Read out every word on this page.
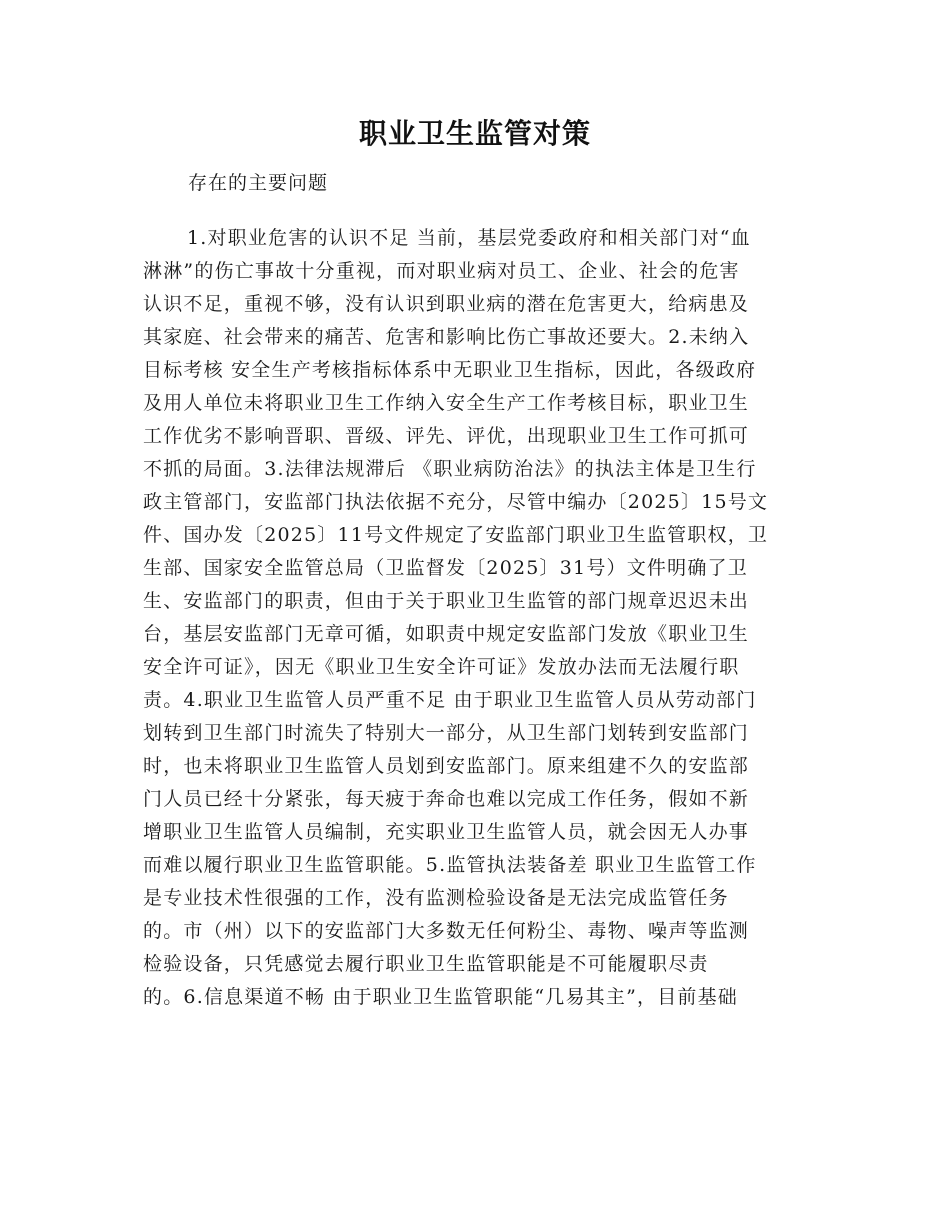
职业卫生监管对策
存在的主要问题
1.对职业危害的认识不足 当前，基层党委政府和相关部门对“血
淋淋”的伤亡事故十分重视，而对职业病对员工、企业、社会的危害
认识不足，重视不够，没有认识到职业病的潜在危害更大，给病患及
其家庭、社会带来的痛苦、危害和影响比伤亡事故还要大。2.未纳入
目标考核 安全生产考核指标体系中无职业卫生指标，因此，各级政府
及用人单位未将职业卫生工作纳入安全生产工作考核目标，职业卫生
工作优劣不影响晋职、晋级、评先、评优，出现职业卫生工作可抓可
不抓的局面。3.法律法规滞后 《职业病防治法》的执法主体是卫生行
政主管部门，安监部门执法依据不充分，尽管中编办〔2025〕15号文
件、国办发〔2025〕11号文件规定了安监部门职业卫生监管职权，卫
生部、国家安全监管总局（卫监督发〔2025〕31号）文件明确了卫
生、安监部门的职责，但由于关于职业卫生监管的部门规章迟迟未出
台，基层安监部门无章可循，如职责中规定安监部门发放《职业卫生
安全许可证》，因无《职业卫生安全许可证》发放办法而无法履行职
责。4.职业卫生监管人员严重不足 由于职业卫生监管人员从劳动部门
划转到卫生部门时流失了特别大一部分，从卫生部门划转到安监部门
时，也未将职业卫生监管人员划到安监部门。原来组建不久的安监部
门人员已经十分紧张，每天疲于奔命也难以完成工作任务，假如不新
增职业卫生监管人员编制，充实职业卫生监管人员，就会因无人办事
而难以履行职业卫生监管职能。5.监管执法装备差 职业卫生监管工作
是专业技术性很强的工作，没有监测检验设备是无法完成监管任务
的。市（州）以下的安监部门大多数无任何粉尘、毒物、噪声等监测
检验设备，只凭感觉去履行职业卫生监管职能是不可能履职尽责
的。6.信息渠道不畅 由于职业卫生监管职能“几易其主”，目前基础
